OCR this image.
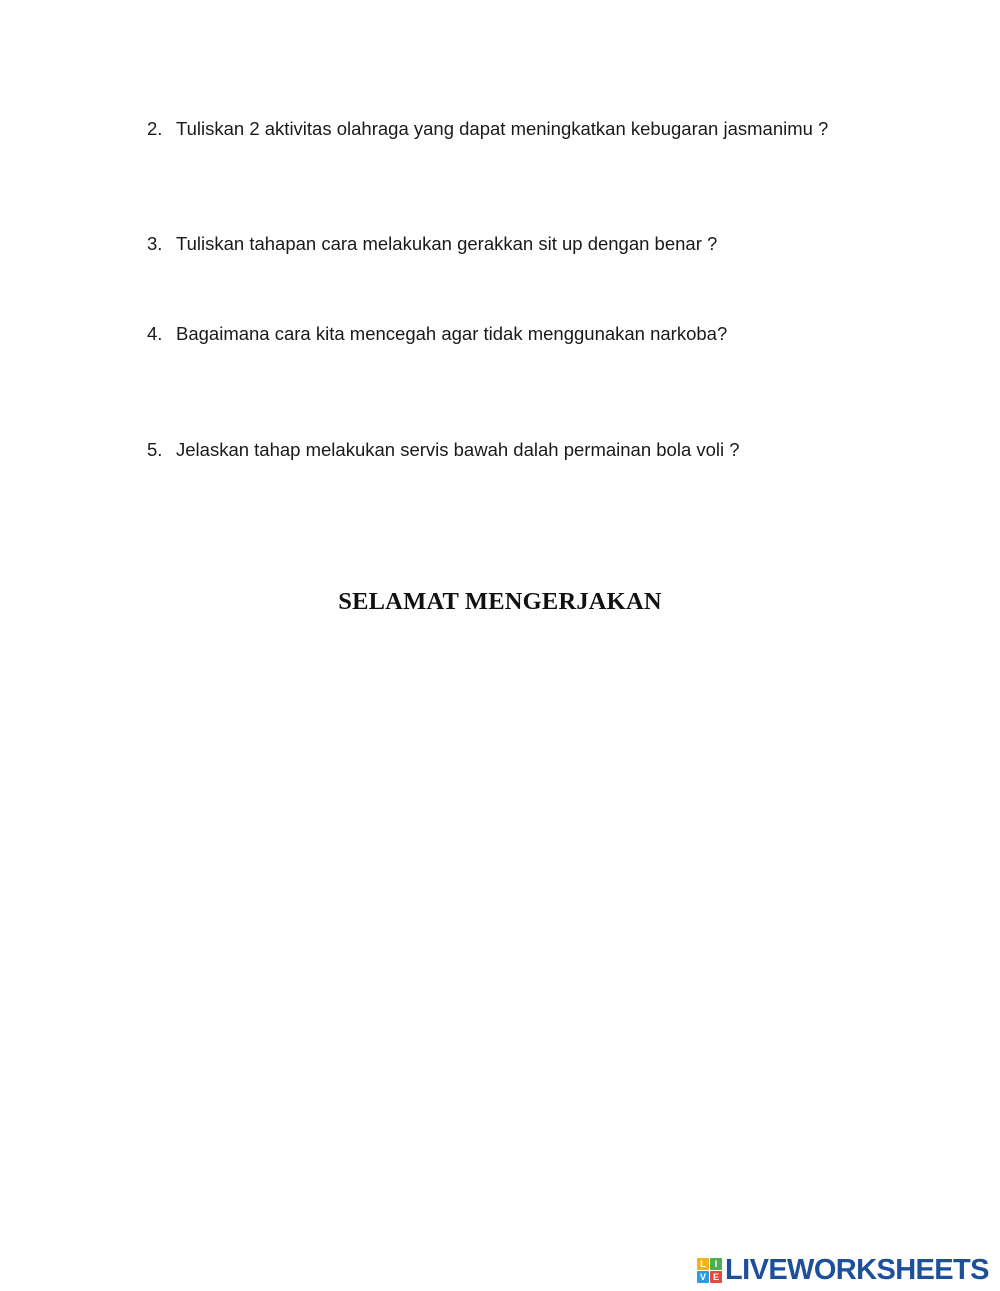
2. Tuliskan 2 aktivitas olahraga yang dapat meningkatkan kebugaran jasmanimu ?
3. Tuliskan tahapan cara melakukan gerakkan sit up dengan benar ?
4. Bagaimana cara kita mencegah agar tidak menggunakan narkoba?
5. Jelaskan tahap melakukan servis bawah dalah permainan bola voli ?
SELAMAT MENGERJAKAN
L I
V E LIVEWORKSHEETS
